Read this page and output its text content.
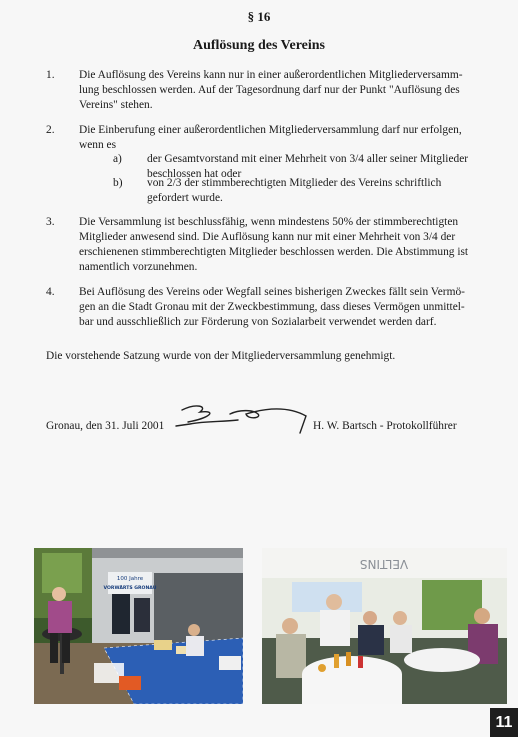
§ 16
Auflösung des Vereins
1. Die Auflösung des Vereins kann nur in einer außerordentlichen Mitgliederversamm-
lung beschlossen werden. Auf der Tagesordnung darf nur der Punkt "Auflösung des
Vereins" stehen.
2. Die Einberufung einer außerordentlichen Mitgliederversammlung darf nur erfolgen,
wenn es
a) der Gesamtvorstand mit einer Mehrheit von 3/4 aller seiner Mitglieder
beschlossen hat oder
b) von 2/3 der stimmberechtigten Mitglieder des Vereins schriftlich
gefordert wurde.
3. Die Versammlung ist beschlussfähig, wenn mindestens 50% der stimmberechtigten
Mitglieder anwesend sind. Die Auflösung kann nur mit einer Mehrheit von 3/4 der
erschienenen stimmberechtigten Mitglieder beschlossen werden. Die Abstimmung ist
namentlich vorzunehmen.
4. Bei Auflösung des Vereins oder Wegfall seines bisherigen Zweckes fällt sein Vermö-
gen an die Stadt Gronau mit der Zweckbestimmung, dass dieses Vermögen unmittel-
bar und ausschließlich zur Förderung von Sozialarbeit verwendet werden darf.
Die vorstehende Satzung wurde von der Mitgliederversammlung genehmigt.
Gronau, den 31. Juli 2001	H. W. Bartsch - Protokollführer
100 Jahre
VORWÄRTS GRONAU
VELTINS
11
